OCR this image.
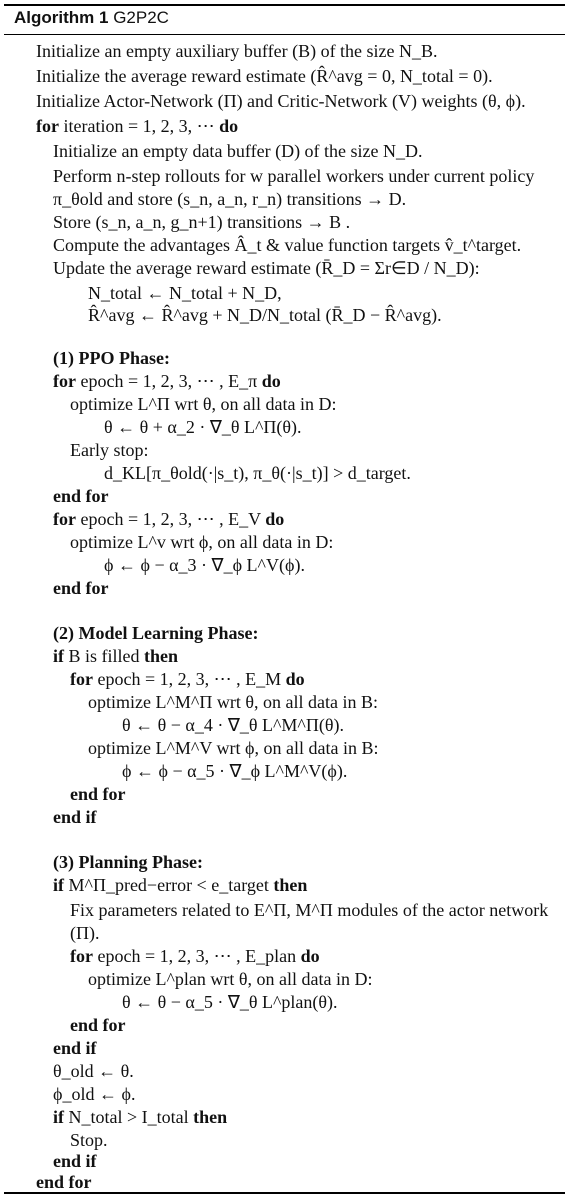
Algorithm 1 G2P2C
Initialize an empty auxiliary buffer (B) of the size N_B.
Initialize the average reward estimate (R̂^avg = 0, N_total = 0).
Initialize Actor-Network (Π) and Critic-Network (V) weights (θ, ϕ).
for iteration = 1, 2, 3, ⋯ do
Initialize an empty data buffer (D) of the size N_D.
Perform n-step rollouts for w parallel workers under current policy
π_θold and store (s_n, a_n, r_n) transitions → D.
Store (s_n, a_n, g_n+1) transitions → B .
Compute the advantages Â_t & value function targets v̂_t^target.
Update the average reward estimate (R̄_D = Σr∈D / N_D):
N_total ← N_total + N_D,
R̂^avg ← R̂^avg + N_D/N_total (R̄_D − R̂^avg).
(1) PPO Phase:
for epoch = 1, 2, 3, ⋯ , E_π do
optimize L^Π wrt θ, on all data in D:
θ ← θ + α_2 · ∇_θ L^Π(θ).
Early stop:
d_KL[π_θold(·|s_t), π_θ(·|s_t)] > d_target.
end for
for epoch = 1, 2, 3, ⋯ , E_V do
optimize L^v wrt ϕ, on all data in D:
ϕ ← ϕ − α_3 · ∇_ϕ L^V(ϕ).
end for
(2) Model Learning Phase:
if B is filled then
for epoch = 1, 2, 3, ⋯ , E_M do
optimize L^M^Π wrt θ, on all data in B:
θ ← θ − α_4 · ∇_θ L^M^Π(θ).
optimize L^M^V wrt ϕ, on all data in B:
ϕ ← ϕ − α_5 · ∇_ϕ L^M^V(ϕ).
end for
end if
(3) Planning Phase:
if M^Π_pred−error < e_target then
Fix parameters related to E^Π, M^Π modules of the actor network
(Π).
for epoch = 1, 2, 3, ⋯ , E_plan do
optimize L^plan wrt θ, on all data in D:
θ ← θ − α_5 · ∇_θ L^plan(θ).
end for
end if
θ_old ← θ.
ϕ_old ← ϕ.
if N_total > I_total then
Stop.
end if
end for
